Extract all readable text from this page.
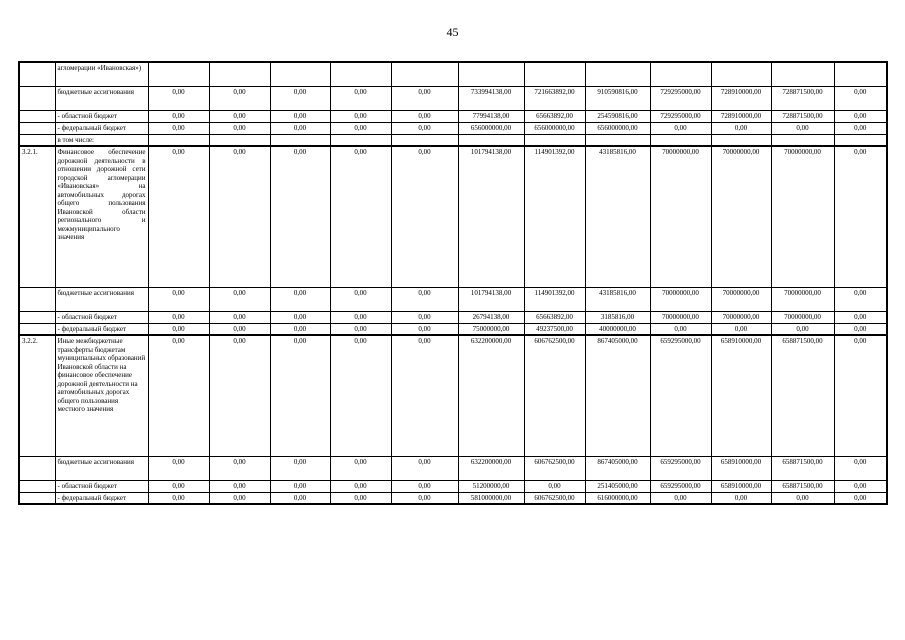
45
	агломерации «Ивановская»)												
	бюджетные ассигнования	0,00	0,00	0,00	0,00	0,00	733994138,00	721663892,00	910590816,00	729295000,00	728910000,00	728871500,00	0,00
	- областной бюджет	0,00	0,00	0,00	0,00	0,00	77994138,00	65663892,00	254590816,00	729295000,00	728910000,00	728871500,00	0,00
	- федеральный бюджет	0,00	0,00	0,00	0,00	0,00	656000000,00	656000000,00	656000000,00	0,00	0,00	0,00	0,00
	в том числе:												
3.2.1.	Финансовое обеспечение дорожной деятельности в отношении дорожной сети городской агломерации «Ивановская» на автомобильных дорогах общего пользования Ивановской области регионального и межмуниципального значения	0,00	0,00	0,00	0,00	0,00	101794138,00	114901392,00	43185816,00	70000000,00	70000000,00	70000000,00	0,00
	бюджетные ассигнования	0,00	0,00	0,00	0,00	0,00	101794138,00	114901392,00	43185816,00	70000000,00	70000000,00	70000000,00	0,00
	- областной бюджет	0,00	0,00	0,00	0,00	0,00	26794138,00	65663892,00	3185816,00	70000000,00	70000000,00	70000000,00	0,00
	- федеральный бюджет	0,00	0,00	0,00	0,00	0,00	75000000,00	49237500,00	40000000,00	0,00	0,00	0,00	0,00
3.2.2.	Иные межбюджетные трансферты бюджетам муниципальных образований Ивановской области на финансовое обеспечение дорожной деятельности на автомобильных дорогах общего пользования местного значения	0,00	0,00	0,00	0,00	0,00	632200000,00	606762500,00	867405000,00	659295000,00	658910000,00	658871500,00	0,00
	бюджетные ассигнования	0,00	0,00	0,00	0,00	0,00	632200000,00	606762500,00	867405000,00	659295000,00	658910000,00	658871500,00	0,00
	- областной бюджет	0,00	0,00	0,00	0,00	0,00	51200000,00	0,00	251405000,00	659295000,00	658910000,00	658871500,00	0,00
	- федеральный бюджет	0,00	0,00	0,00	0,00	0,00	581000000,00	606762500,00	616000000,00	0,00	0,00	0,00	0,00
